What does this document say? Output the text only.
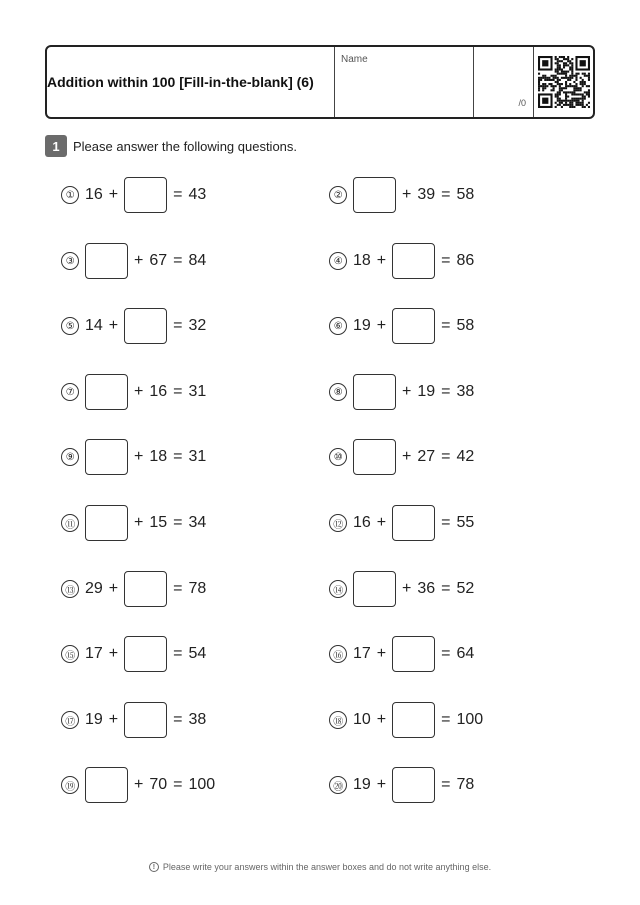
Addition within 100 [Fill-in-the-blank] (6)
Name
/0
1	Please answer the following questions.
① 16 +	= 43	②	+ 39 = 58
③	+ 67 = 84	④ 18 +	= 86
⑤ 14 +	= 32	⑥ 19 +	= 58
⑦	+ 16 = 31	⑧	+ 19 = 38
⑨	+ 18 = 31	⑩	+ 27 = 42
⑪	+ 15 = 34	⑫ 16 +	= 55
⑬ 29 +	= 78	⑭	+ 36 = 52
⑮ 17 +	= 54	⑯ 17 +	= 64
⑰ 19 +	= 38	⑱ 10 +	= 100
⑲	+ 70 = 100	⑳ 19 +	= 78
! Please write your answers within the answer boxes and do not write anything else.
